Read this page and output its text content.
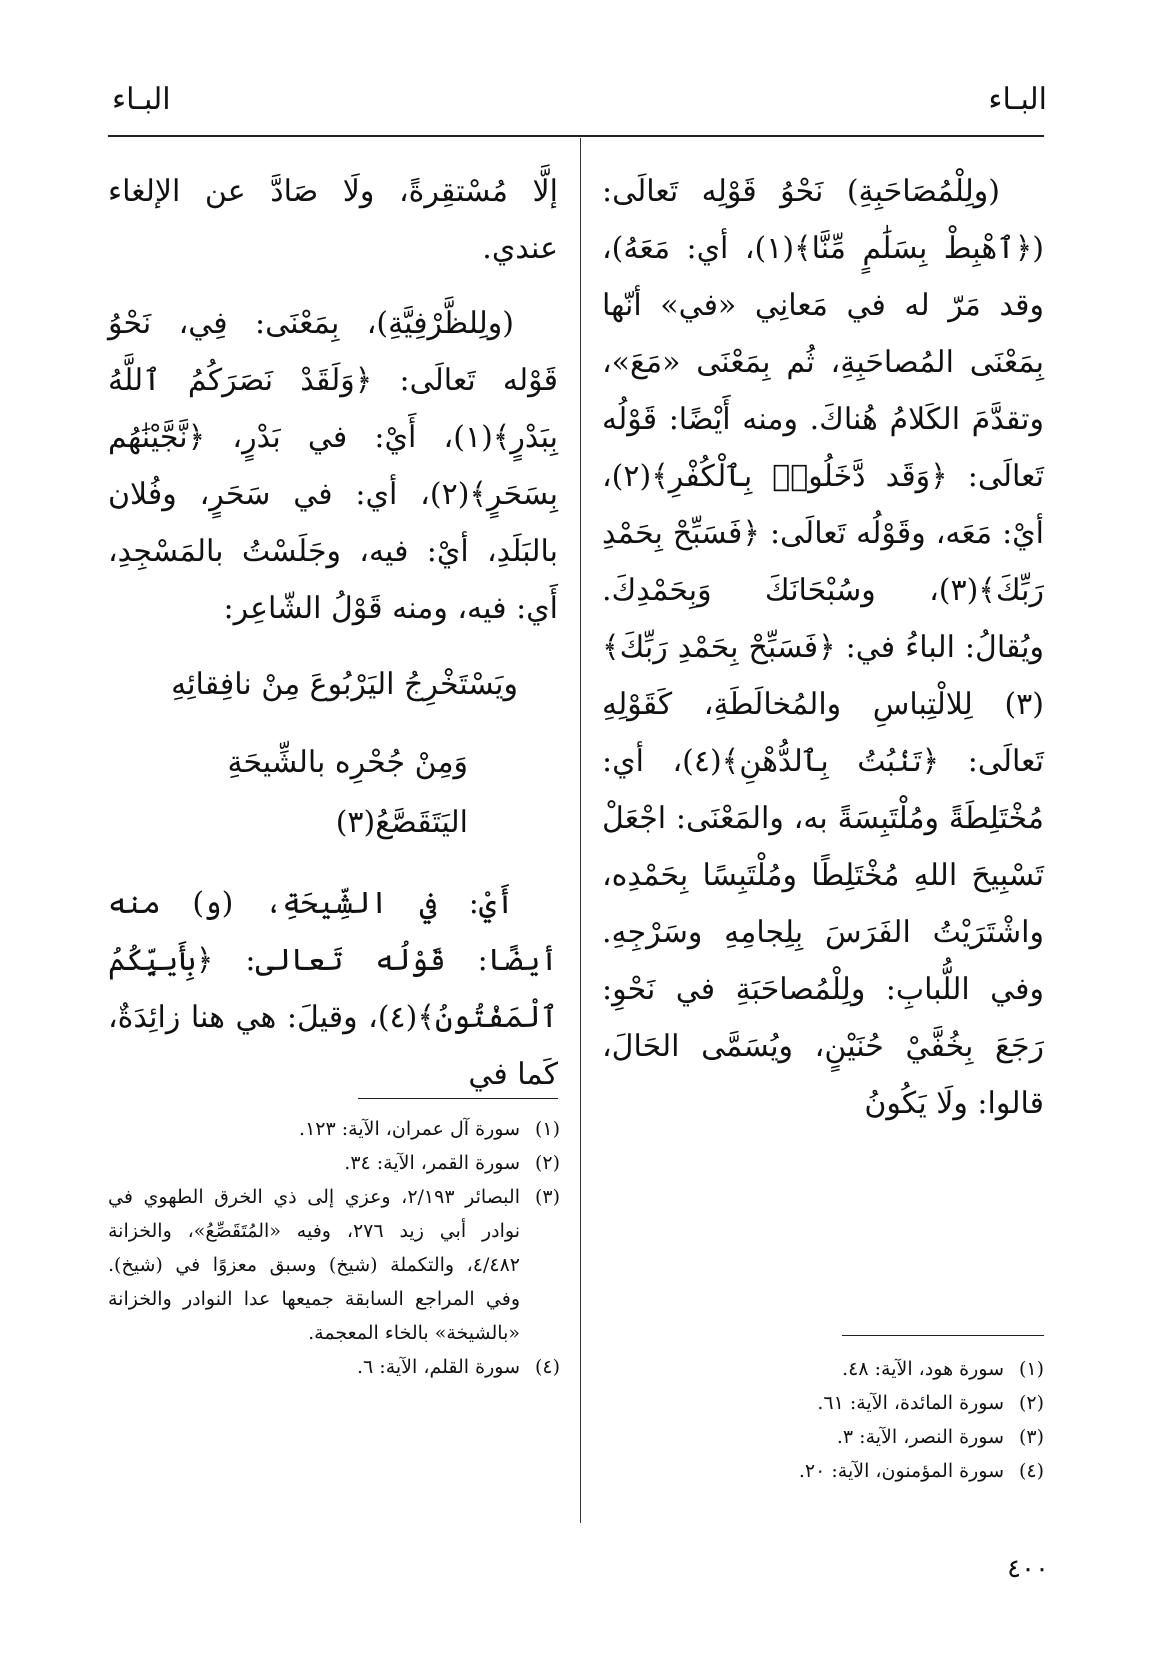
البـاء
البـاء

(ولِلْمُصَاحَبِةِ) نَحْوُ قَوْلِه تَعالَى: (﴿ٱهْبِطْ بِسَلَٰمٍ مِّنَّا﴾(١)، أي: مَعَهُ)، وقد مَرّ له في مَعانِي «في» أنّها بِمَعْنَى المُصاحَبِةِ، ثُم بِمَعْنَى «مَعَ»، وتقدَّمَ الكَلامُ هُناكَ. ومنه أَيْضًا: قَوْلُه تَعالَى: ﴿وَقَد دَّخَلُوا۟ بِٱلْكُفْرِ﴾(٢)، أيْ: مَعَه، وقَوْلُه تَعالَى: ﴿فَسَبِّحْ بِحَمْدِ رَبِّكَ﴾(٣)، وسُبْحَانَكَ وَبِحَمْدِكَ. ويُقالُ: الباءُ في: ﴿فَسَبِّحْ بِحَمْدِ رَبِّكَ﴾(٣) لِلالْتِباسِ والمُخالَطَةِ، كَقَوْلِهِ تَعالَى: ﴿تَنۢبُتُ بِٱلدُّهْنِ﴾(٤)، أي: مُخْتَلِطَةً ومُلْتَبِسَةً به، والمَعْنَى: اجْعَلْ تَسْبِيحَ اللهِ مُخْتَلِطًا ومُلْتَبِسًا بِحَمْدِه، واشْتَرَيْتُ الفَرَسَ بِلِجامِهِ وسَرْجِهِ. وفي اللُّبابِ: ولِلْمُصاحَبَةِ في نَحْوِ: رَجَعَ بِخُفَّيْ حُنَيْنٍ، ويُسَمَّى الحَالَ، قالوا: ولَا يَكُونُ

إلَّا مُسْتقِرةً، ولَا صَادَّ عن الإلغاء عندي.

(ولِلظَّرْفِيَّةِ)، بِمَعْنَى: فِي، نَحْوُ قَوْله تَعالَى: ﴿وَلَقَدْ نَصَرَكُمُ ٱللَّهُ بِبَدْرٍ﴾(١)، أَيْ: في بَدْرٍ، ﴿نَّجَّيْنَٰهُم بِسَحَرٍ﴾(٢)، أي: في سَحَرٍ، وفُلان بالبَلَدِ، أيْ: فيه، وجَلَسْتُ بالمَسْجِدِ، أَي: فيه، ومنه قَوْلُ الشّاعِر:

ويَسْتَخْرِجُ اليَرْبُوعَ مِنْ نافِقائِهِ
وَمِنْ جُحْرِه بالشِّيحَةِ اليَتَقَصَّعُ(٣)

أَيْ: في الشِّيحَةِ، (و) منه أيضًا: قَوْلُه تَعالى: ﴿بِأَييِّكُمُ ٱلْمَفْتُونُ﴾(٤)، وقيلَ: هي هنا زائِدَةٌ، كَما في

(١)
سورة هود، الآية: ٤٨.
(٢)
سورة المائدة، الآية: ٦١.
(٣)
سورة النصر، الآية: ٣.
(٤)
سورة المؤمنون، الآية: ٢٠.
(١)
سورة آل عمران، الآية: ١٢٣.
(٢)
سورة القمر، الآية: ٣٤.
(٣)
البصائر ٢/١٩٣، وعزي إلى ذي الخرق الطهوي في نوادر أبي زيد ٢٧٦، وفيه «المُتَقَصِّعُ»، والخزانة ٤/٤٨٢، والتكملة (شيخ) وسبق معزوًا في (شيخ). وفي المراجع السابقة جميعها عدا النوادر والخزانة «بالشيخة» بالخاء المعجمة.
(٤)
سورة القلم، الآية: ٦.
٤٠٠
